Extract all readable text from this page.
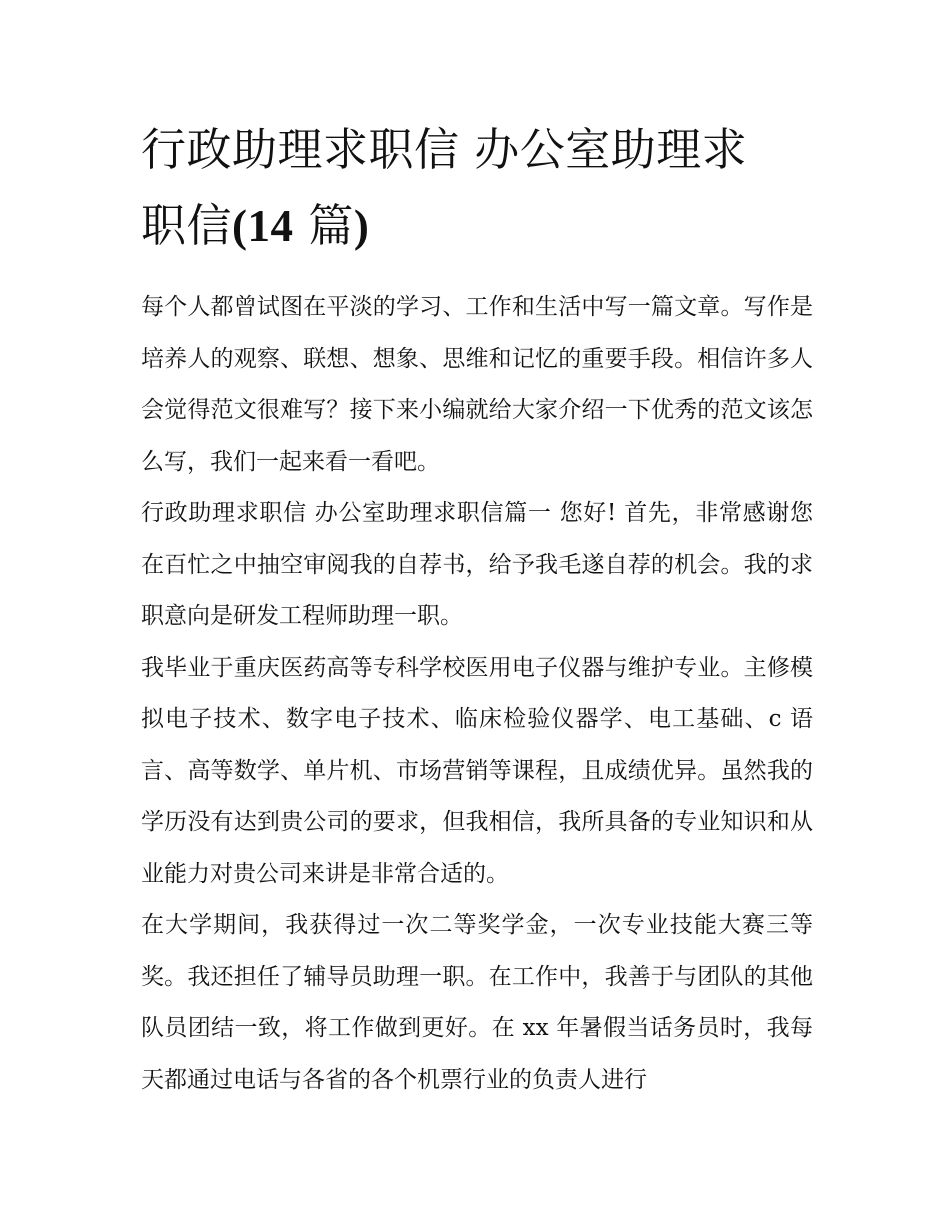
行政助理求职信 办公室助理求
职信(14 篇)

每个人都曾试图在平淡的学习、工作和生活中写一篇文章。写作是培养人的观察、联想、想象、思维和记忆的重要手段。相信许多人会觉得范文很难写？接下来小编就给大家介绍一下优秀的范文该怎么写，我们一起来看一看吧。

行政助理求职信 办公室助理求职信篇一 您好! 首先，非常感谢您在百忙之中抽空审阅我的自荐书，给予我毛遂自荐的机会。我的求职意向是研发工程师助理一职。

我毕业于重庆医药高等专科学校医用电子仪器与维护专业。主修模拟电子技术、数字电子技术、临床检验仪器学、电工基础、c 语言、高等数学、单片机、市场营销等课程，且成绩优异。虽然我的学历没有达到贵公司的要求，但我相信，我所具备的专业知识和从业能力对贵公司来讲是非常合适的。

在大学期间，我获得过一次二等奖学金，一次专业技能大赛三等奖。我还担任了辅导员助理一职。在工作中，我善于与团队的其他队员团结一致，将工作做到更好。在 xx 年暑假当话务员时，我每天都通过电话与各省的各个机票行业的负责人进行
